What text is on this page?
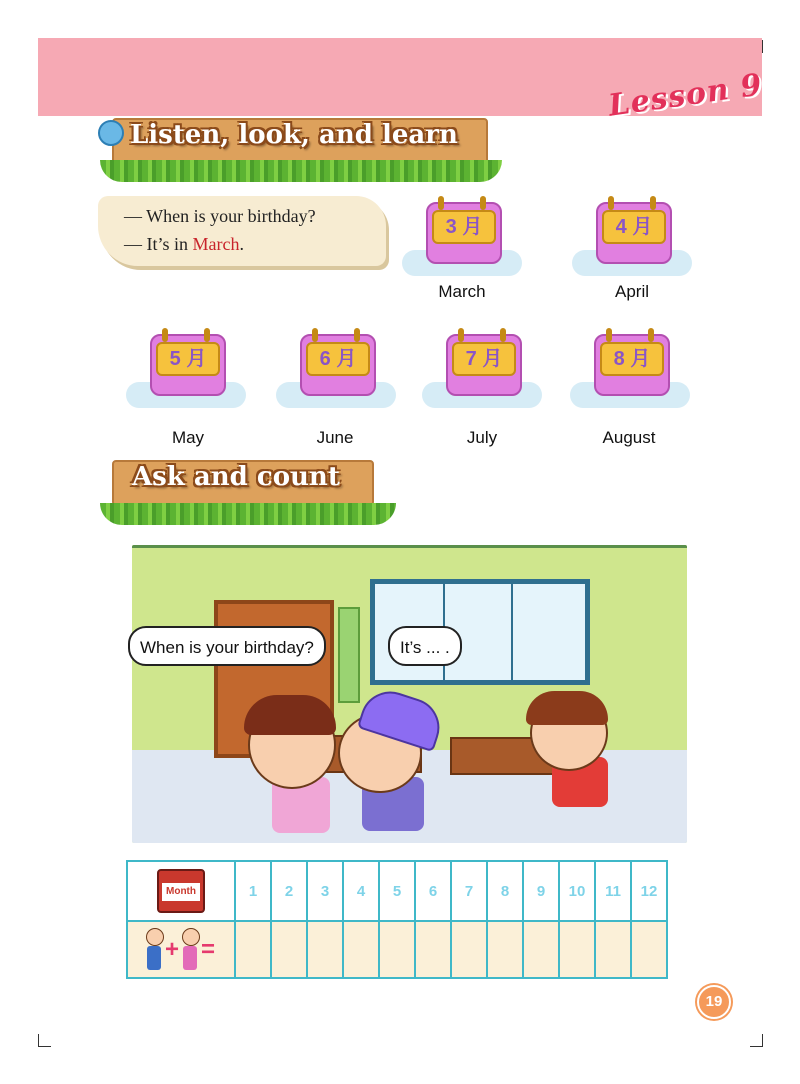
Lesson 9
Listen, look, and learn
— When is your birthday?
— It’s in March.
3 月
March
4 月
April
5 月
May
6 月
June
7 月
July
8 月
August
Ask and count
When is your birthday?	It’s ... .
Month	1	2	3	4	5	6	7	8	9	10	11	12

+ =												
19
